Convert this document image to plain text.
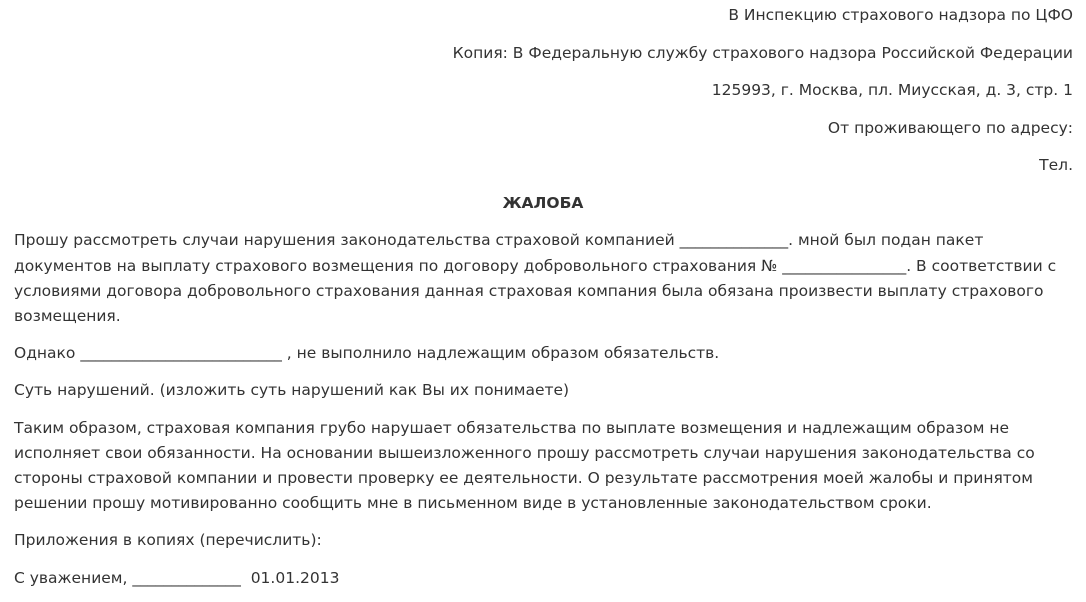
В Инспекцию страхового надзора по ЦФО
Копия: В Федеральную службу страхового надзора Российской Федерации
125993, г. Москва, пл. Миусская, д. 3, стр. 1
От проживающего по адресу:
Тел.
ЖАЛОБА
Прошу рассмотреть случаи нарушения законодательства страховой компанией ______________. мной был подан пакет
документов на выплату страхового возмещения по договору добровольного страхования № ________________. В соответствии с
условиями договора добровольного страхования данная страховая компания была обязана произвести выплату страхового
возмещения.
Однако __________________________ , не выполнило надлежащим образом обязательств.
Суть нарушений. (изложить суть нарушений как Вы их понимаете)
Таким образом, страховая компания грубо нарушает обязательства по выплате возмещения и надлежащим образом не
исполняет свои обязанности. На основании вышеизложенного прошу рассмотреть случаи нарушения законодательства со
стороны страховой компании и провести проверку ее деятельности. О результате рассмотрения моей жалобы и принятом
решении прошу мотивированно сообщить мне в письменном виде в установленные законодательством сроки.
Приложения в копиях (перечислить):
С уважением, ______________  01.01.2013
